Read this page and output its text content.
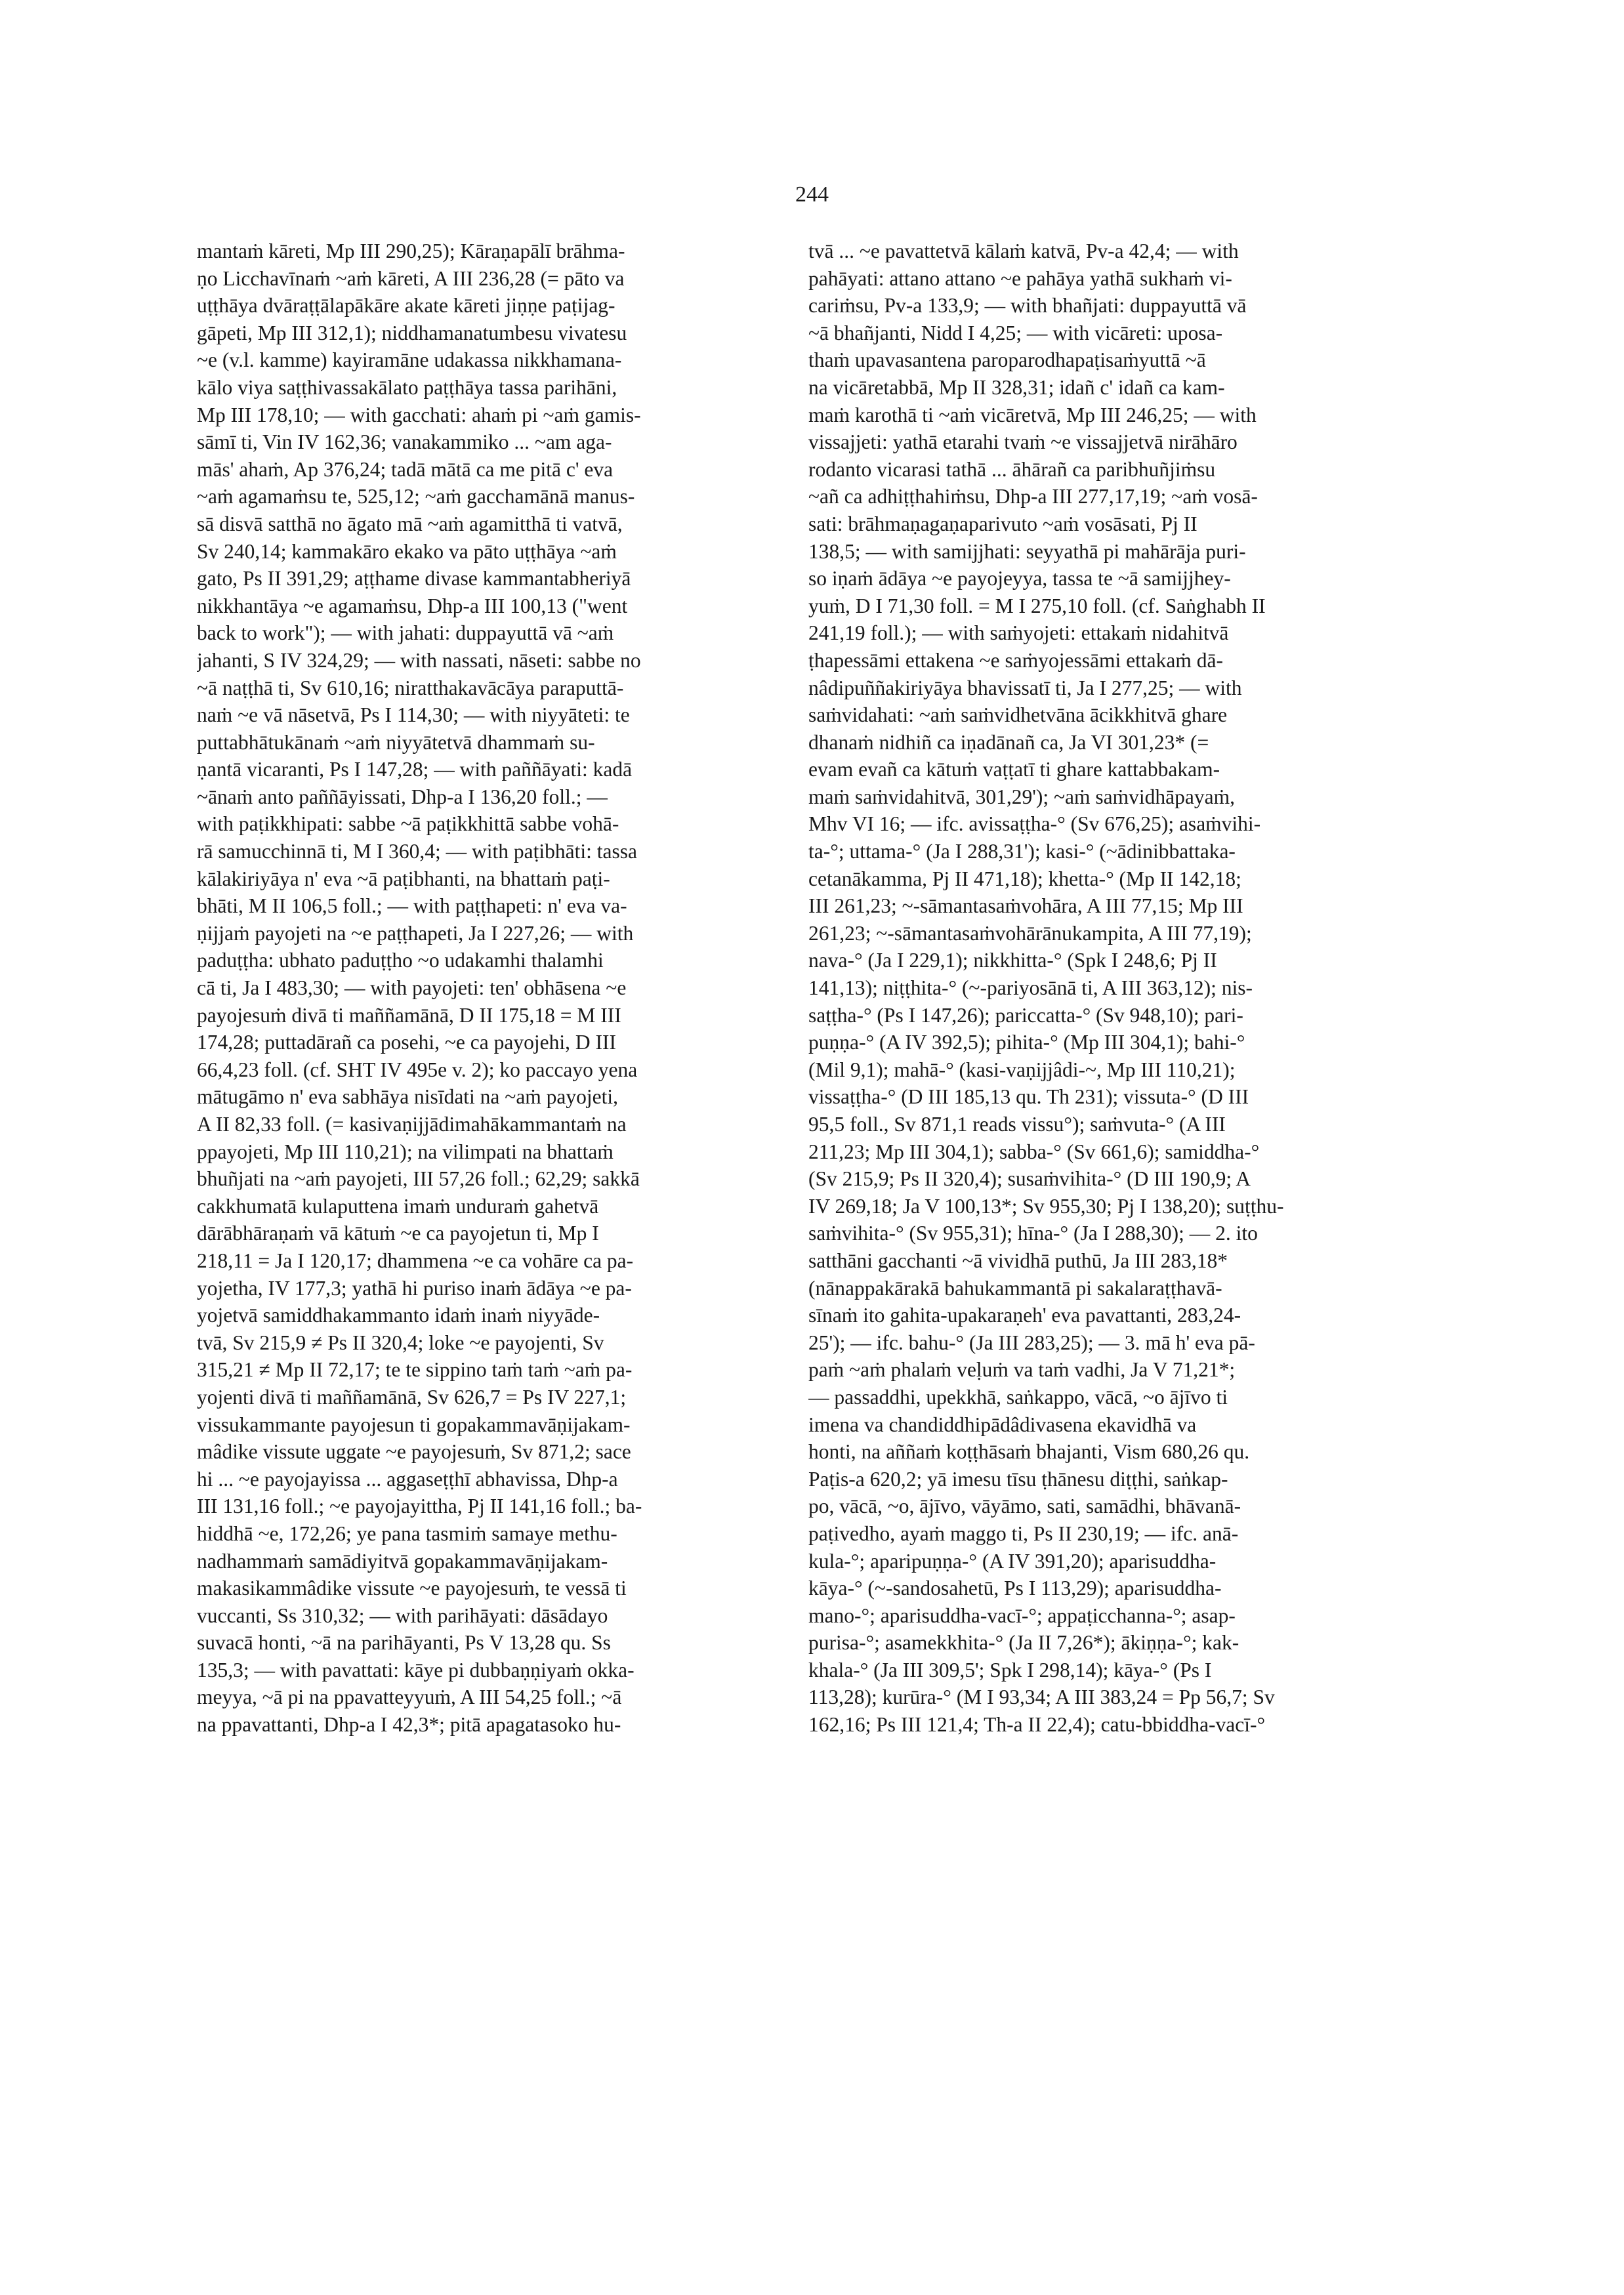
244
mantaṁ kāreti, Mp III 290,25); Kāraṇapālī brāhma-
ṇo Licchavīnaṁ ~aṁ kāreti, A III 236,28 (= pāto va
uṭṭhāya dvāraṭṭālapākāre akate kāreti jiṇṇe paṭijag-
gāpeti, Mp III 312,1); niddhamanatumbesu vivatesu
~e (v.l. kamme) kayiramāne udakassa nikkhamana-
kālo viya saṭṭhivassakālato paṭṭhāya tassa parihāni,
Mp III 178,10; — with gacchati: ahaṁ pi ~aṁ gamis-
sāmī ti, Vin IV 162,36; vanakammiko ... ~am aga-
mās' ahaṁ, Ap 376,24; tadā mātā ca me pitā c' eva
~aṁ agamaṁsu te, 525,12; ~aṁ gacchamānā manus-
sā disvā satthā no āgato mā ~aṁ agamitthā ti vatvā,
Sv 240,14; kammakāro ekako va pāto uṭṭhāya ~aṁ
gato, Ps II 391,29; aṭṭhame divase kammantabheriyā
nikkhantāya ~e agamaṁsu, Dhp-a III 100,13 ("went
back to work"); — with jahati: duppayuttā vā ~aṁ
jahanti, S IV 324,29; — with nassati, nāseti: sabbe no
~ā naṭṭhā ti, Sv 610,16; niratthakavācāya paraputtā-
naṁ ~e vā nāsetvā, Ps I 114,30; — with niyyāteti: te
puttabhātukānaṁ ~aṁ niyyātetvā dhammaṁ su-
ṇantā vicaranti, Ps I 147,28; — with paññāyati: kadā
~ānaṁ anto paññāyissati, Dhp-a I 136,20 foll.; —
with paṭikkhipati: sabbe ~ā paṭikkhittā sabbe vohā-
rā samucchinnā ti, M I 360,4; — with paṭibhāti: tassa
kālakiriyāya n' eva ~ā paṭibhanti, na bhattaṁ paṭi-
bhāti, M II 106,5 foll.; — with paṭṭhapeti: n' eva va-
ṇijjaṁ payojeti na ~e paṭṭhapeti, Ja I 227,26; — with
paduṭṭha: ubhato paduṭṭho ~o udakamhi thalamhi
cā ti, Ja I 483,30; — with payojeti: ten' obhāsena ~e
payojesuṁ divā ti maññamānā, D II 175,18 = M III
174,28; puttadārañ ca posehi, ~e ca payojehi, D III
66,4,23 foll. (cf. SHT IV 495e v. 2); ko paccayo yena
mātugāmo n' eva sabhāya nisīdati na ~aṁ payojeti,
A II 82,33 foll. (= kasivaṇijjādimahākammantaṁ na
ppayojeti, Mp III 110,21); na vilimpati na bhattaṁ
bhuñjati na ~aṁ payojeti, III 57,26 foll.; 62,29; sakkā
cakkhumatā kulaputtena imaṁ unduraṁ gahetvā
dārābhāraṇaṁ vā kātuṁ ~e ca payojetun ti, Mp I
218,11 = Ja I 120,17; dhammena ~e ca vohāre ca pa-
yojetha, IV 177,3; yathā hi puriso inaṁ ādāya ~e pa-
yojetvā samiddhakammanto idaṁ inaṁ niyyāde-
tvā, Sv 215,9 ≠ Ps II 320,4; loke ~e payojenti, Sv
315,21 ≠ Mp II 72,17; te te sippino taṁ taṁ ~aṁ pa-
yojenti divā ti maññamānā, Sv 626,7 = Ps IV 227,1;
vissukammante payojesun ti gopakammavāṇijakam-
mâdike vissute uggate ~e payojesuṁ, Sv 871,2; sace
hi ... ~e payojayissa ... aggaseṭṭhī abhavissa, Dhp-a
III 131,16 foll.; ~e payojayittha, Pj II 141,16 foll.; ba-
hiddhā ~e, 172,26; ye pana tasmiṁ samaye methu-
nadhammaṁ samādiyitvā gopakammavāṇijakam-
makasikammâdike vissute ~e payojesuṁ, te vessā ti
vuccanti, Ss 310,32; — with parihāyati: dāsādayo
suvacā honti, ~ā na parihāyanti, Ps V 13,28 qu. Ss
135,3; — with pavattati: kāye pi dubbaṇṇiyaṁ okka-
meyya, ~ā pi na ppavatteyyuṁ, A III 54,25 foll.; ~ā
na ppavattanti, Dhp-a I 42,3*; pitā apagatasoko hu-
tvā ... ~e pavattetvā kālaṁ katvā, Pv-a 42,4; — with
pahāyati: attano attano ~e pahāya yathā sukhaṁ vi-
cariṁsu, Pv-a 133,9; — with bhañjati: duppayuttā vā
~ā bhañjanti, Nidd I 4,25; — with vicāreti: uposa-
thaṁ upavasantena paroparodhapaṭisaṁyuttā ~ā
na vicāretabbā, Mp II 328,31; idañ c' idañ ca kam-
maṁ karothā ti ~aṁ vicāretvā, Mp III 246,25; — with
vissajjeti: yathā etarahi tvaṁ ~e vissajjetvā nirāhāro
rodanto vicarasi tathā ... āhārañ ca paribhuñjiṁsu
~añ ca adhiṭṭhahiṁsu, Dhp-a III 277,17,19; ~aṁ vosā-
sati: brāhmaṇagaṇaparivuto ~aṁ vosāsati, Pj II
138,5; — with samijjhati: seyyathā pi mahārāja puri-
so iṇaṁ ādāya ~e payojeyya, tassa te ~ā samijjhey-
yuṁ, D I 71,30 foll. = M I 275,10 foll. (cf. Saṅghabh II
241,19 foll.); — with saṁyojeti: ettakaṁ nidahitvā
ṭhapessāmi ettakena ~e saṁyojessāmi ettakaṁ dā-
nâdipuññakiriyāya bhavissatī ti, Ja I 277,25; — with
saṁvidahati: ~aṁ saṁvidhetvāna ācikkhitvā ghare
dhanaṁ nidhiñ ca iṇadānañ ca, Ja VI 301,23* (=
evam evañ ca kātuṁ vaṭṭatī ti ghare kattabbakam-
maṁ saṁvidahitvā, 301,29'); ~aṁ saṁvidhāpayaṁ,
Mhv VI 16; — ifc. avissaṭṭha-° (Sv 676,25); asaṁvihi-
ta-°; uttama-° (Ja I 288,31'); kasi-° (~ādinibbattaka-
cetanākamma, Pj II 471,18); khetta-° (Mp II 142,18;
III 261,23; ~-sāmantasaṁvohāra, A III 77,15; Mp III
261,23; ~-sāmantasaṁvohārānukampita, A III 77,19);
nava-° (Ja I 229,1); nikkhitta-° (Spk I 248,6; Pj II
141,13); niṭṭhita-° (~-pariyosānā ti, A III 363,12); nis-
saṭṭha-° (Ps I 147,26); pariccatta-° (Sv 948,10); pari-
puṇṇa-° (A IV 392,5); pihita-° (Mp III 304,1); bahi-°
(Mil 9,1); mahā-° (kasi-vaṇijjâdi-~, Mp III 110,21);
vissaṭṭha-° (D III 185,13 qu. Th 231); vissuta-° (D III
95,5 foll., Sv 871,1 reads vissu°); saṁvuta-° (A III
211,23; Mp III 304,1); sabba-° (Sv 661,6); samiddha-°
(Sv 215,9; Ps II 320,4); susaṁvihita-° (D III 190,9; A
IV 269,18; Ja V 100,13*; Sv 955,30; Pj I 138,20); suṭṭhu-
saṁvihita-° (Sv 955,31); hīna-° (Ja I 288,30); — 2. ito
satthāni gacchanti ~ā vividhā puthū, Ja III 283,18*
(nānappakārakā bahukammantā pi sakalaraṭṭhavā-
sīnaṁ ito gahita-upakaraṇeh' eva pavattanti, 283,24-
25'); — ifc. bahu-° (Ja III 283,25); — 3. mā h' eva pā-
paṁ ~aṁ phalaṁ veḷuṁ va taṁ vadhi, Ja V 71,21*;
— passaddhi, upekkhā, saṅkappo, vācā, ~o ājīvo ti
imena va chandiddhipādâdivasena ekavidhā va
honti, na aññaṁ koṭṭhāsaṁ bhajanti, Vism 680,26 qu.
Paṭis-a 620,2; yā imesu tīsu ṭhānesu diṭṭhi, saṅkap-
po, vācā, ~o, ājīvo, vāyāmo, sati, samādhi, bhāvanā-
paṭivedho, ayaṁ maggo ti, Ps II 230,19; — ifc. anā-
kula-°; aparipuṇṇa-° (A IV 391,20); aparisuddha-
kāya-° (~-sandosahetū, Ps I 113,29); aparisuddha-
mano-°; aparisuddha-vacī-°; appaṭicchanna-°; asap-
purisa-°; asamekkhita-° (Ja II 7,26*); ākiṇṇa-°; kak-
khala-° (Ja III 309,5'; Spk I 298,14); kāya-° (Ps I
113,28); kurūra-° (M I 93,34; A III 383,24 = Pp 56,7; Sv
162,16; Ps III 121,4; Th-a II 22,4); catu-bbiddha-vacī-°
